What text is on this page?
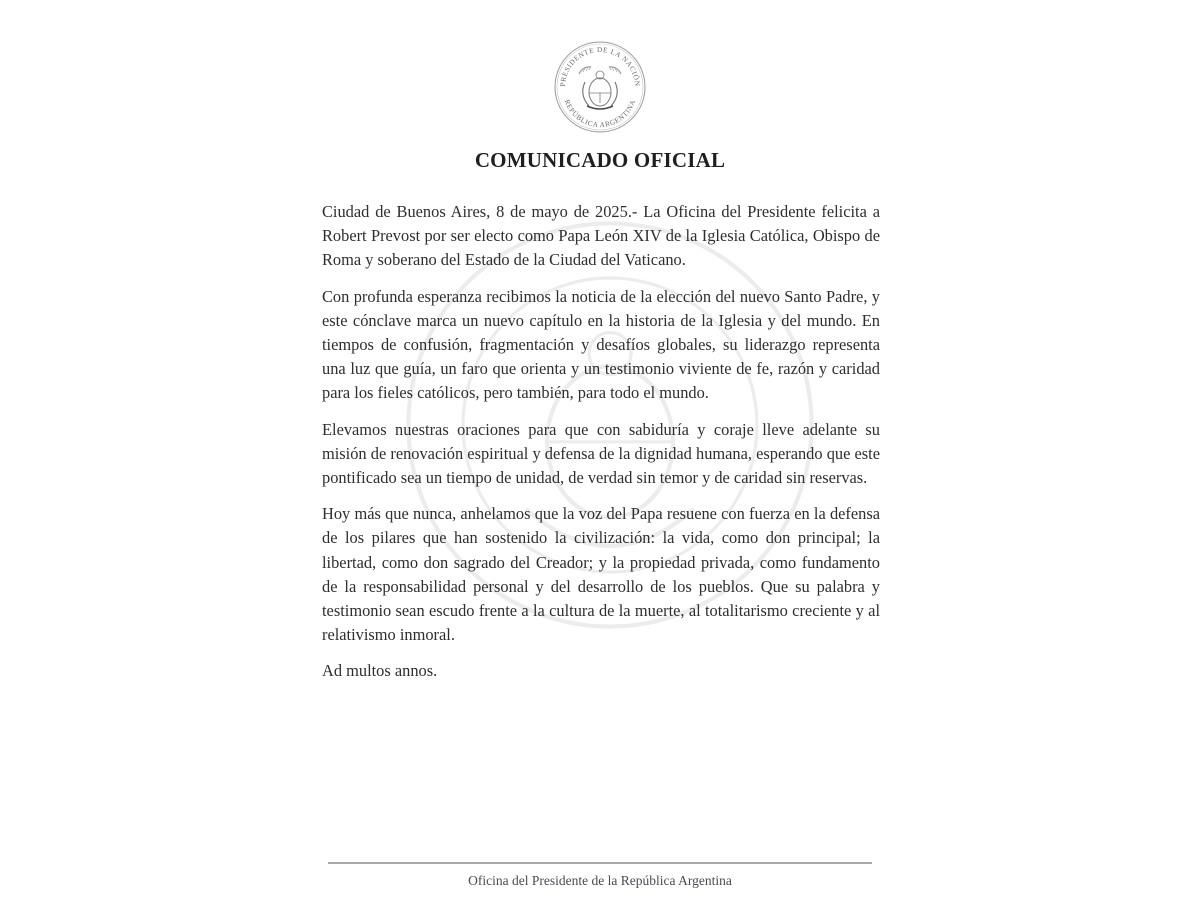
PRESIDENTE DE LA NACIÓN
REPÚBLICA ARGENTINA
COMUNICADO OFICIAL

Ciudad de Buenos Aires, 8 de mayo de 2025.- La Oficina del Presidente felicita a Robert Prevost por ser electo como Papa León XIV de la Iglesia Católica, Obispo de Roma y soberano del Estado de la Ciudad del Vaticano.

Con profunda esperanza recibimos la noticia de la elección del nuevo Santo Padre, y este cónclave marca un nuevo capítulo en la historia de la Iglesia y del mundo. En tiempos de confusión, fragmentación y desafíos globales, su liderazgo representa una luz que guía, un faro que orienta y un testimonio viviente de fe, razón y caridad para los fieles católicos, pero también, para todo el mundo.

Elevamos nuestras oraciones para que con sabiduría y coraje lleve adelante su misión de renovación espiritual y defensa de la dignidad humana, esperando que este pontificado sea un tiempo de unidad, de verdad sin temor y de caridad sin reservas.

Hoy más que nunca, anhelamos que la voz del Papa resuene con fuerza en la defensa de los pilares que han sostenido la civilización: la vida, como don principal; la libertad, como don sagrado del Creador; y la propiedad privada, como fundamento de la responsabilidad personal y del desarrollo de los pueblos. Que su palabra y testimonio sean escudo frente a la cultura de la muerte, al totalitarismo creciente y al relativismo inmoral.

Ad multos annos.

Oficina del Presidente de la República Argentina
